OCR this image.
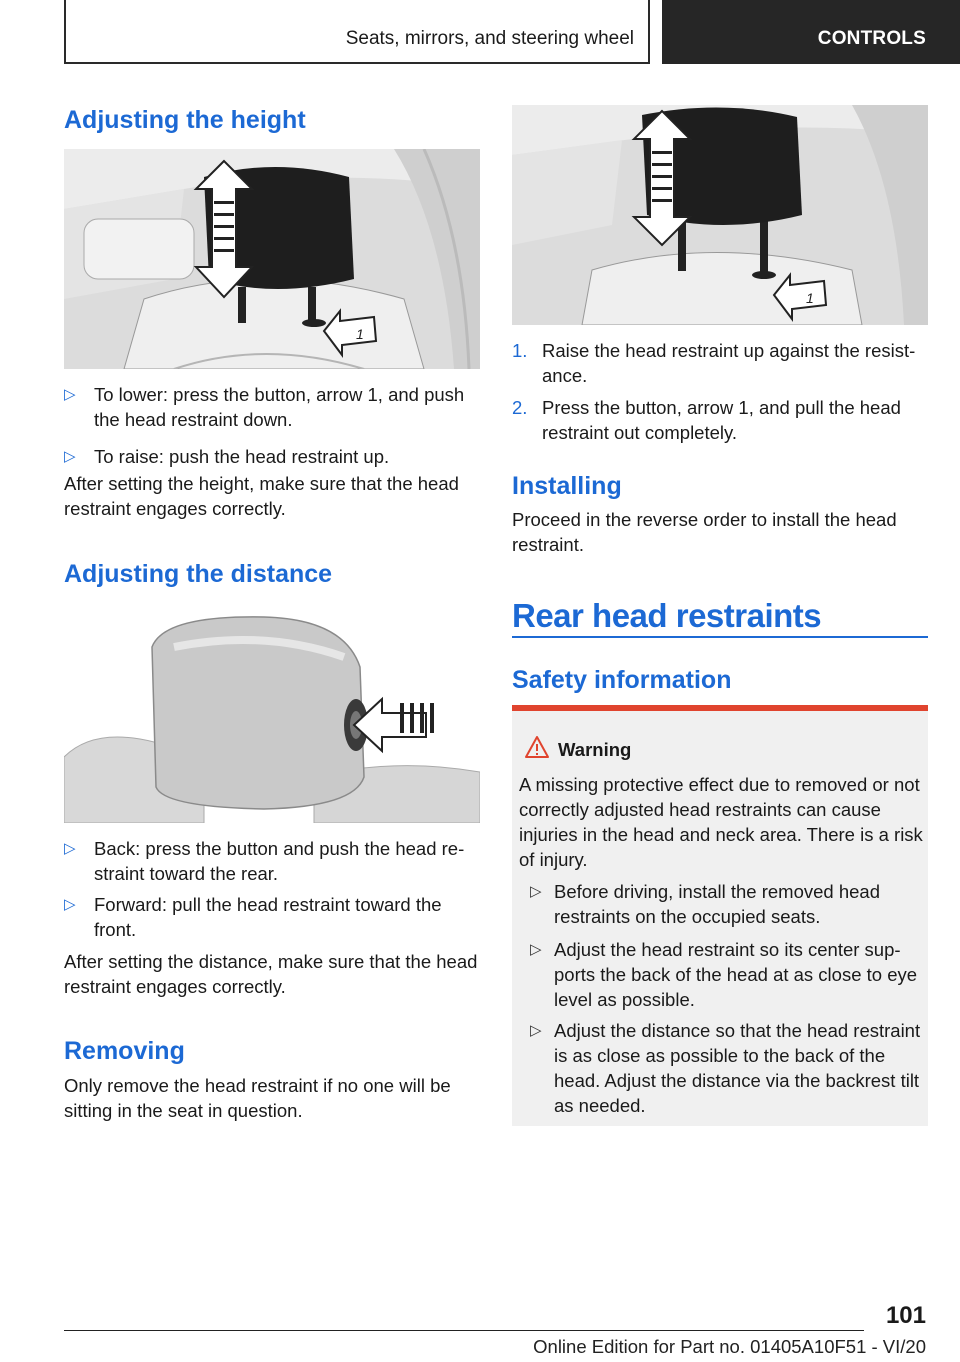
Seats, mirrors, and steering wheel	CONTROLS
Adjusting the height
1
▷ To lower: press the button, arrow 1, and push the head restraint down.
▷ To raise: push the head restraint up.
After setting the height, make sure that the head restraint engages correctly.
Adjusting the distance
▷ Back: press the button and push the head restraint toward the rear.
▷ Forward: pull the head restraint toward the front.
After setting the distance, make sure that the head restraint engages correctly.
Removing
Only remove the head restraint if no one will be sitting in the seat in question.
1
1. Raise the head restraint up against the resistance.
2. Press the button, arrow 1, and pull the head restraint out completely.
Installing
Proceed in the reverse order to install the head restraint.
Rear head restraints
Safety information
Warning
A missing protective effect due to removed or not correctly adjusted head restraints can cause injuries in the head and neck area. There is a risk of injury.
▷ Before driving, install the removed head restraints on the occupied seats.
▷ Adjust the head restraint so its center supports the back of the head at as close to eye level as possible.
▷ Adjust the distance so that the head restraint is as close as possible to the back of the head. Adjust the distance via the backrest tilt as needed.
101
Online Edition for Part no. 01405A10F51 - VI/20
